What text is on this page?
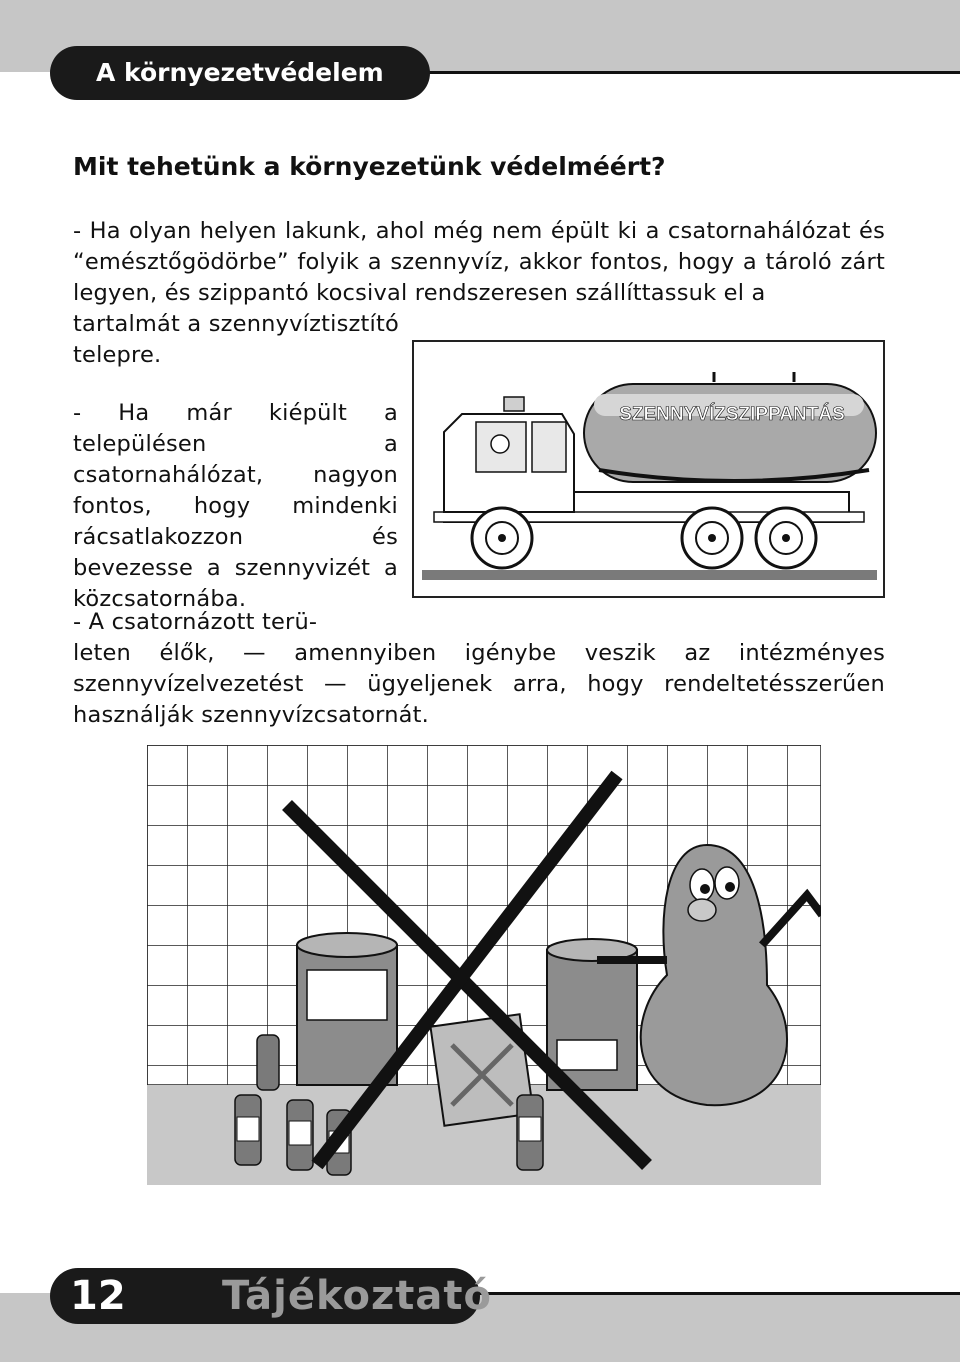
A környezetvédelem
Mit tehetünk a környezetünk védelméért?

- Ha olyan helyen lakunk, ahol még nem épült ki a csatornahálózat és “emésztőgödörbe” folyik a szennyvíz, akkor fontos, hogy a tároló zárt legyen, és szippantó kocsival rendszeresen szállíttassuk el a

tartalmát a szennyvíztisztító telepre.

- Ha már kiépült a településen a csatornahálózat, nagyon fontos, hogy mindenki rácsatlakozzon és bevezesse a szennyvizét a közcsatornába.

- A csatornázott terü-

leten élők, — amennyiben igénybe veszik az intézményes szennyvízelvezetést — ügyeljenek arra, hogy rendeltetésszerűen használják szennyvízcsatornát.

SZENNYVÍZSZIPPANTÁS
12 Tájékoztató
